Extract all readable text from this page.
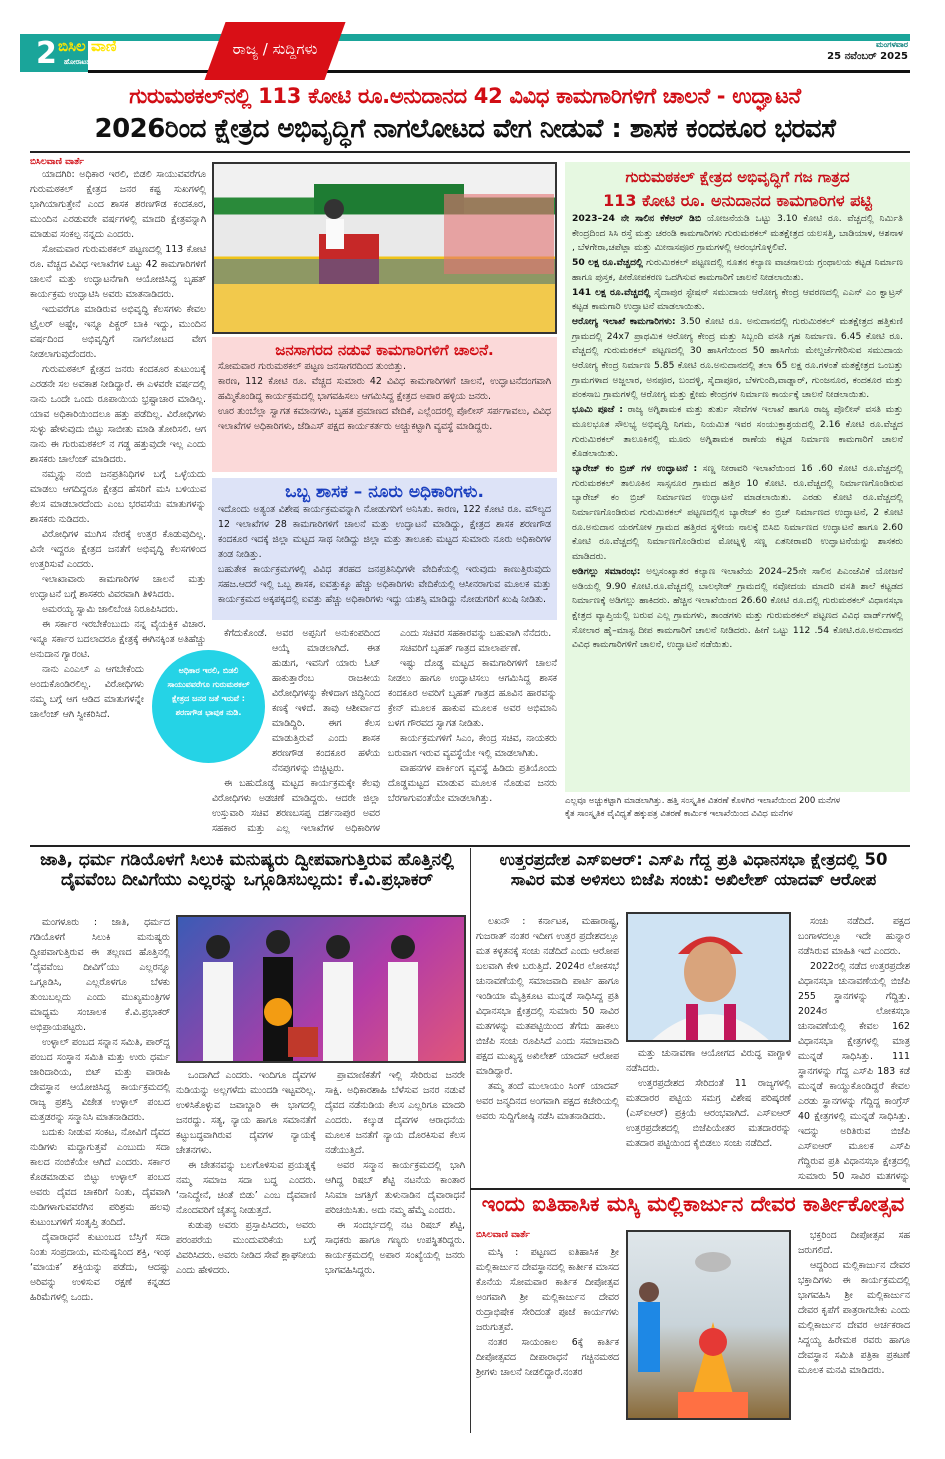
2 ಬಿಸಿಲ ವಾಣಿ
ಹೋರಾಟದ ಧ್ವನಿ
ರಾಜ್ಯ / ಸುದ್ದಿಗಳು	ಮಂಗಳವಾರ
25 ನವೆಂಬರ್ 2025
ಗುರುಮಠಕಲ್‌ನಲ್ಲಿ 113 ಕೋಟಿ ರೂ.ಅನುದಾನದ 42 ವಿವಿಧ ಕಾಮಗಾರಿಗಳಿಗೆ ಚಾಲನೆ - ಉದ್ಘಾಟನೆ
2026ರಿಂದ ಕ್ಷೇತ್ರದ ಅಭಿವೃದ್ಧಿಗೆ ನಾಗಲೋಟದ ವೇಗ ನೀಡುವೆ : ಶಾಸಕ ಕಂದಕೂರ ಭರವಸೆ
ಬಿಸಿಲವಾಣಿ ವಾರ್ತೆ

ಯಾದಗಿರಿ: ಅಧಿಕಾರ ಇರಲಿ, ಬಿಡಲಿ ಸಾಯುವವರೆಗೂ ಗುರುಮಠಕಲ್ ಕ್ಷೇತ್ರದ ಜನರ ಕಷ್ಟ ಸುಖಗಳಲ್ಲಿ ಭಾಗಿಯಾಗುತ್ತೇನೆ ಎಂದ ಶಾಸಕ ಶರಣಗೌಡ ಕಂದಕೂರ, ಮುಂದಿನ ಎರಡುವರೇ ವರ್ಷಗಳಲ್ಲಿ ಮಾದರಿ ಕ್ಷೇತ್ರವನ್ನಾಗಿ ಮಾಡುವ ಸಂಕಲ್ಪ ನನ್ನದು ಎಂದರು.

ಸೋಮವಾರ ಗುರುಮಠಕಲ್ ಪಟ್ಟಣದಲ್ಲಿ 113 ಕೋಟಿ ರೂ. ವೆಚ್ಚದ ವಿವಿಧ ಇಲಾಖೆಗಳ ಒಟ್ಟು 42 ಕಾಮಗಾರಿಗಳಿಗೆ ಚಾಲನೆ ಮತ್ತು ಉದ್ಘಾಟನೆಗಾಗಿ ಆಯೋಜಿಸಿದ್ದ ಬೃಹತ್ ಕಾರ್ಯಕ್ರಮ ಉದ್ಘಾಟಿಸಿ ಅವರು ಮಾತನಾಡಿದರು.

ಇದುವರೆಗೂ ಮಾಡಿರುವ ಅಭಿವೃದ್ಧಿ ಕೆಲಸಗಳು ಕೇವಲ ಟ್ರೈಲರ್ ಅಷ್ಟೇ, ಇನ್ನೂ ಪಿಕ್ಚರ್ ಬಾಕಿ ಇದ್ದು, ಮುಂದಿನ ವರ್ಷದಿಂದ ಅಭಿವೃದ್ಧಿಗೆ ನಾಗಲೋಟದ ವೇಗ ನೀಡಲಾಗುವುದೆಂದರು.

ಗುರುಮಠಕಲ್ ಕ್ಷೇತ್ರದ ಜನರು ಕಂದಕೂರ ಕುಟುಂಬಕ್ಕೆ ಎರಡನೇ ಸಲ ಅವಕಾಶ ನೀಡಿದ್ದಾರೆ. ಈ ಎಳವರೇ ವರ್ಷದಲ್ಲಿ ನಾನು ಒಂದೇ ಒಂದು ರೂಪಾಯಿಯ ಭ್ರಷ್ಟಾಚಾರ ಮಾಡಿಲ್ಲ. ಯಾವ ಅಧಿಕಾರಿಯಿಂದಲೂ ಹತ್ತು ಪಡೆದಿಲ್ಲ. ವಿರೋಧಿಗಳು ಸುಳ್ಳು ಹೇಳುವುದು ಬಿಟ್ಟು ಸಾಬೀತು ಮಾಡಿ ತೋರಿಸಲಿ. ಆಗ ನಾನು ಈ ಗುರುಮಠಕಲ್ ನ ಗಡ್ಡ ಹತ್ತುವುದೇ ಇಲ್ಲ ಎಂದು ಶಾಸಕರು ಚಾಲೆಂಜ್ ಮಾಡಿದರು.

ನಮ್ಮನ್ನು ನಂಬಿ ಜನಪ್ರತಿನಿಧಿಗಳ ಬಗ್ಗೆ ಒಳ್ಳೆಯದು ಮಾಡಲು ಆಗದಿದ್ದರೂ ಕ್ಷೇತ್ರದ ಹೆಸರಿಗೆ ಮಸಿ ಬಳಿಯುವ ಕೆಲಸ ಮಾಡಬಾರದೆಂದು ಎಂಬ ಭರವಸೆಯ ಮಾತುಗಳನ್ನು ಶಾಸಕರು ನುಡಿದರು.

ವಿರೋಧಿಗಳ ಮುಗಿಸ ನೇರಕ್ಕೆ ಉತ್ತರ ಕೊಡುವುದಿಲ್ಲ. ವಿನೇ ಇದ್ದರೂ ಕ್ಷೇತ್ರದ ಜನತೆಗೆ ಅಭಿವೃದ್ಧಿ ಕೆಲಸಗಳಿಂದ ಉತ್ತರಿಸುವೆ ಎಂದರು.

ಇಲಾಖಾವಾರು ಕಾಮಗಾರಿಗಳ ಚಾಲನೆ ಮತ್ತು ಉದ್ಘಾಟನೆ ಬಗ್ಗೆ ಶಾಸಕರು ವಿವರವಾಗಿ ತಿಳಿಸಿದರು.

ಅಮರಯ್ಯ ಸ್ವಾಮಿ ಜಾಲಿಬೆಂಚಿ ನಿರೂಪಿಸಿದರು.

ಈ ಸರ್ಕಾರ ಇರಬೇಕೆಂಬುದು ನನ್ನ ವೈಯಕ್ತಿಕ ವಿಚಾರ. ಇನ್ನೂ ಸರ್ಕಾರ ಬದಲಾದರೂ ಕ್ಷೇತ್ರಕ್ಕೆ ಈಗಿನಕ್ಕಿಂತ ಅತಿಹೆಚ್ಚು ಅನುದಾನ ಗ್ಯಾರಂಟಿ.

ನಾನು ಎಂಎಲ್ ಎ ಆಗಬೇಕೆಂದು ಅಂದುಕೊಂಡಿರಲಿಲ್ಲ. ವಿರೋಧಿಗಳು ನಮ್ಮ ಬಗ್ಗೆ ಆಗ ಆಡಿದ ಮಾತುಗಳನ್ನೇ ಚಾಲೆಂಜ್ ಆಗಿ ಸ್ವೀಕರಿಸಿದೆ.

ಜನಸಾಗರದ ನಡುವೆ ಕಾಮಗಾರಿಗಳಿಗೆ ಚಾಲನೆ.

ಸೋಮವಾರ ಗುರುಮಠಕಲ್ ಪಟ್ಟಣ ಜನಸಾಗರದಿಂದ ತುಂಬಿತ್ತು.

ಕಾರಣ, 112 ಕೋಟಿ ರೂ. ವೆಚ್ಚದ ಸುಮಾರು 42 ವಿವಿಧ ಕಾಮಗಾರಿಗಳಿಗೆ ಚಾಲನೆ, ಉದ್ಘಾಟನೆದಂಗವಾಗಿ ಹಮ್ಮಿಕೊಂಡಿದ್ದ ಕಾರ್ಯಕ್ರಮದಲ್ಲಿ ಭಾಗವಹಿಸಲು ಆಗಮಿಸಿದ್ದ ಕ್ಷೇತ್ರದ ಅಪಾರ ಹಳ್ಳಿಯ ಜನರು.

ಊರ ತುಂಬೆಲ್ಲಾ ಸ್ವಾಗತ ಕಮಾನಗಳು, ಬೃಹತ ಪ್ರಮಾಣದ ವೇದಿಕೆ, ಎಲ್ಲೆಂದರಲ್ಲಿ ಪೊಲೀಸ್ ಸರ್ಪಗಾವಲು, ವಿವಿಧ ಇಲಾಖೆಗಳ ಅಧಿಕಾರಿಗಳು, ಜೆಡಿಎಸ್ ಪಕ್ಷದ ಕಾರ್ಯಕರ್ತರು ಅಚ್ಚುಕಟ್ಟಾಗಿ ವ್ಯವಸ್ಥೆ ಮಾಡಿದ್ದರು.

ಒಬ್ಬ ಶಾಸಕ – ನೂರು ಅಧಿಕಾರಿಗಳು.

ಇದೊಂದು ಅತ್ಯಂತ ವಿಶೇಷ ಕಾರ್ಯಕ್ರಮವನ್ನಾಗಿ ನೋಡುಗರಿಗೆ ಅನಿಸಿತು. ಕಾರಣ, 122 ಕೋಟಿ ರೂ. ಮೌಲ್ಯದ 12 ಇಲಾಖೆಗಳ 28 ಕಾಮಗಾರಿಗಳಿಗೆ ಚಾಲನೆ ಮತ್ತು ಉದ್ಘಾಟನೆ ಮಾಡಿದ್ದು, ಕ್ಷೇತ್ರದ ಶಾಸಕ ಶರಣಗೌಡ ಕಂದಕೂರ ಇದಕ್ಕೆ ಜಿಲ್ಲಾ ಮಟ್ಟದ ಸಾಥ ನೀಡಿದ್ದು ಜಿಲ್ಲಾ ಮತ್ತು ತಾಲೂಕು ಮಟ್ಟದ ಸುಮಾರು ನೂರು ಅಧಿಕಾರಿಗಳ ತಂಡ ನೀಡಿತ್ತು.

ಬಹುತೇಕ ಕಾರ್ಯಕ್ರಮಗಳಲ್ಲಿ ವಿವಿಧ ತರಹದ ಜನಪ್ರತಿನಿಧಿಗಳೇ ವೇದಿಕೆಯಲ್ಲಿ ಇರುವುದು ಕಾಣುತ್ತಿರುವುದು ಸಹಜ.ಆದರೆ ಇಲ್ಲಿ ಒಬ್ಬ ಶಾಸಕ, ಐವತ್ತುಕ್ಕೂ ಹೆಚ್ಚು ಅಧಿಕಾರಿಗಳು ವೇದಿಕೆಯಲ್ಲಿ ಆಸೀನರಾಗುವ ಮೂಲಕ ಮತ್ತು ಕಾರ್ಯಕ್ರಮದ ಅಕ್ಕಪಕ್ಕದಲ್ಲಿ ಐವತ್ತು ಹೆಚ್ಚು ಅಧಿಕಾರಿಗಳು ಇದ್ದು ಯಶಸ್ಸಿ ಮಾಡಿದ್ದು ನೋಡುಗರಿಗೆ ಖುಷಿ ನೀಡಿತು.

ಕೆಗೆದುಕೊಂಡೆ. ಅವರ ಅಪ್ಪನಿಗೆ ಅನುಕಂಪದಿಂದ ಆಯ್ಕೆ ಮಾಡಲಾಗಿದೆ. ಈತ ಹುಡುಗ, ಇವನಿಗೆ ಯಾರು ಓಟ್ ಹಾಕುತ್ತಾರೆಂಬ ರಾಜಕೀಯ ವಿರೋಧಿಗಳನ್ನು ಕೇಳಿದಾಗ ಜಿದ್ದಿನಿಂದ ಕಣಕ್ಕೆ ಇಳಿದೆ. ತಾವು ಆಶೀರ್ವಾದ ಮಾಡಿದ್ದಿರಿ. ಈಗ ಕೆಲಸ ಮಾಡುತ್ತಿರುವೆ ಎಂದು ಶಾಸಕ ಶರಣಗೌಡ ಕಂದಕೂರ ಹಳೆಯ ನೆನಪುಗಳನ್ನು ಬಿಚ್ಚಿಟ್ಟರು.

ಈ ಬಹುದೊಡ್ಡ ಮಟ್ಟದ ಕಾರ್ಯಕ್ರಮಕ್ಕೇ ಕೆಲವು ವಿರೋಧಿಗಳು ಅಡಚಣೆ ಮಾಡಿದ್ದರು. ಆದರೇ ಜಿಲ್ಲಾ ಉಸ್ತುವಾರಿ ಸಚಿವ ಶರಣಬಸಪ್ಪ ದರ್ಶನಾಪುರ ಅವರ ಸಹಕಾರ ಮತ್ತು ಎಲ್ಲ ಇಲಾಖೆಗಳ ಅಧಿಕಾರಿಗಳ

ಎಂದು ಸಚಿವರ ಸಹಕಾರವನ್ನು ಬಹುವಾಗಿ ನೆನೆದರು.

ಸಚಿವರಿಗೆ ಬೃಹತ್ ಗಾತ್ರದ ಮಾಲಾರ್ಪಣೆ.

ಇಷ್ಟು ದೊಡ್ಡ ಮಟ್ಟದ ಕಾಮಗಾರಿಗಳಿಗೆ ಚಾಲನೆ ನೀಡಲು ಹಾಗೂ ಉದ್ಘಾಟಿಸಲು ಆಗಮಿಸಿದ್ದ ಶಾಸಕ ಕಂದಕೂರ ಅವರಿಗೆ ಬೃಹತ್ ಗಾತ್ರದ ಹೂವಿನ ಹಾರವನ್ನು ಕ್ರೇನ್ ಮೂಲಕ ಹಾಕುವ ಮೂಲಕ ಅವರ ಅಭಿಮಾನಿ ಬಳಗ ಗೌರವದ ಸ್ವಾಗತ ನೀಡಿತು.

ಕಾರ್ಯಕ್ರಮಗಳಿಗೆ ಸಿಎಂ, ಕೇಂದ್ರ ಸಚಿವ, ನಾಯಕರು ಬರುವಾಗ ಇರುವ ವ್ಯವಸ್ಥೆಯೇ ಇಲ್ಲಿ ಮಾಡಲಾಗಿತು.

ವಾಹನಗಳ ಪಾರ್ಕಿಂಗ ವ್ಯವಸ್ಥೆ ಹಿಡಿದು ಪ್ರತಿಯೊಂದು ದೊಡ್ಡಮಟ್ಟದ ಮಾಡುವ ಮೂಲಕ ನೊಡುವ ಜನರು ಬೆರಗಾಗುವಂತೆಯೇ ಮಾಡಲಾಗಿತ್ತು.

ಅಧಿಕಾರ ಇರಲಿ, ಬಿಡಲಿ ಸಾಯುವವರೆಗೂ ಗುರುಮಠಕಲ್ ಕ್ಷೇತ್ರದ ಜನರ ಜತೆ ಇರುವೆ : ಶರಣಗೌಡ ಭಾವುಕ ನುಡಿ.
ಗುರುಮಠಕಲ್ ಕ್ಷೇತ್ರದ ಅಭಿವೃದ್ಧಿಗೆ ಗಜ ಗಾತ್ರದ
113 ಕೋಟಿ ರೂ. ಅನುದಾನದ ಕಾಮಗಾರಿಗಳ ಪಟ್ಟಿ

2023–24 ನೇ ಸಾಲಿನ ಕೆಕೆಆರ್ ಡಿಬಿ ಯೋಜನೆಯಡಿ ಒಟ್ಟು 3.10 ಕೋಟಿ ರೂ. ವೆಚ್ಚದಲ್ಲಿ ನಿರ್ಮಿತಿ ಕೇಂದ್ರದಿಂದ ಸಿಸಿ ರಸ್ತೆ ಮತ್ತು ಚರಂಡಿ ಕಾಮಗಾರಿಗಳು ಗುರುಮಠಕಲ್ ಮತಕ್ಷೇತ್ರದ ಯಲಸತ್ತಿ, ಬಾಡಿಯಾಳ, ಆಶನಾಳ , ಬೆಳಗೇರಾ,ಚಪೆಟ್ಲಾ ಮತ್ತು ಮೀನಾಸಪೂರ ಗ್ರಾಮಗಳಲ್ಲಿ ಆರಂಭಗೊಳ್ಳಲಿವೆ.

50 ಲಕ್ಷ ರೂ.ವೆಚ್ಚದಲ್ಲಿ ಗುರುಮಿಠಕಲ್ ಪಟ್ಟಣದಲ್ಲಿ ನೂತನ ಕಲ್ಯಾಣ ವಾಚನಾಲಯ ಗ್ರಂಥಾಲಯ ಕಟ್ಟಡ ನಿರ್ಮಾಣ ಹಾಗೂ ಪುಸ್ತಕ, ಪೀಠೋಪಕರಣ ಒದಗಿಸುವ ಕಾಮಗಾರಿಗೆ ಚಾಲನೆ ನೀಡಲಾಯಿತು.

141 ಲಕ್ಷ ರೂ.ವೆಚ್ಚದಲ್ಲಿ ಸೈದಾಪುರ ಸ್ಟೇಷನ್ ಸಮುದಾಯ ಆರೋಗ್ಯ ಕೇಂದ್ರ ಆವರಣದಲ್ಲಿ ಎಎನ್ ಎಂ ಕ್ವಾಟ್ರಸ್ ಕಟ್ಟಡ ಕಾಮಗಾರಿ ಉದ್ಘಾಟನೆ ಮಾಡಲಾಯಿತು.

ಆರೋಗ್ಯ ಇಲಾಖೆ ಕಾಮಗಾರಿಗಳು: 3.50 ಕೋಟಿ ರೂ. ಅನುದಾನದಲ್ಲಿ ಗುರುಮಿಠಕಲ್ ಮತಕ್ಷೇತ್ರದ ಹತ್ತಿಕುಣಿ ಗ್ರಾಮದಲ್ಲಿ 24x7 ಪ್ರಾಥಮಿಕ ಆರೋಗ್ಯ ಕೇಂದ್ರ ಮತ್ತು ಸಿಬ್ಬಂದಿ ವಸತಿ ಗೃಹ ನಿರ್ಮಾಣ. 6.45 ಕೋಟಿ ರೂ. ವೆಚ್ಚದಲ್ಲಿ ಗುರುಮಠಕಲ್ ಪಟ್ಟಣದಲ್ಲಿ 30 ಹಾಸಿಗೆಯಿಂದ 50 ಹಾಸಿಗೆಯ ಮೇಲ್ದರ್ಜೆಗೇರಿಸುವ ಸಮುದಾಯ ಆರೋಗ್ಯ ಕೇಂದ್ರ ನಿರ್ಮಾಣ 5.85 ಕೋಟಿ ರೂ.ಅನುದಾನದಲ್ಲಿ ತಲಾ 65 ಲಕ್ಷ ರೂ.ಗಳಂತೆ ಮತಕ್ಷೇತ್ರದ ಒಂಬತ್ತು ಗ್ರಾಮಗಳಾದ ಅಜ್ಜಲಾರ, ಅನಪೂರ, ಬಂದಳ್ಳಿ, ಸೈದಾಪೂರ, ಬೆಳಗುಂದಿ,ವಾಡ್ನಾರ್, ಗುಂಜನೂರ, ಕಂದಕೂರ ಮತ್ತು ಪಂಕಸಾಬ ಗ್ರಾಮಗಳಲ್ಲಿ ಆರೋಗ್ಯ ಮತ್ತು ಕ್ಷೇಮ ಕೇಂದ್ರಗಳ ನಿರ್ಮಾಣ ಕಾರ್ಯಕ್ಕೆ ಚಾಲನೆ ನೀಡಲಾಯಿತು.

ಭೂಮಿ ಪೂಜೆ : ರಾಜ್ಯ ಅಗ್ನಿಶಾಮಕ ಮತ್ತು ತುರ್ತು ಸೇವೆಗಳ ಇಲಾಖೆ ಹಾಗೂ ರಾಜ್ಯ ಪೊಲೀಸ್ ವಸತಿ ಮತ್ತು ಮೂಲಭೂತ ಸೌಲಭ್ಯ ಅಭಿವೃದ್ಧಿ ನಿಗಮ, ನಿಯಮಿತ ಇವರ ಸಂಯುಕ್ತಾಶ್ರಯದಲ್ಲಿ 2.16 ಕೋಟಿ ರೂ.ವೆಚ್ಚದ ಗುರುಮಿಠಕಲ್ ತಾಲೂಕಿನಲ್ಲಿ ಮೂರು ಅಗ್ನಿಶಾಮಕ ಠಾಣೆಯ ಕಟ್ಟಡ ನಿರ್ಮಾಣ ಕಾಮಗಾರಿಗೆ ಚಾಲನೆ ಕೊಡಲಾಯಿತು.

ಬ್ಯಾರೇಜ್ ಕಂ ಬ್ರಿಜ್ ಗಳ ಉದ್ಘಾಟನೆ : ಸಣ್ಣ ನೀರಾವರಿ ಇಲಾಖೆಯಿಂದ 16 .60 ಕೋಟಿ ರೂ.ವೆಚ್ಚದಲ್ಲಿ ಗುರುಮಠಕಲ್ ತಾಲೂಕಿನ ಸಾಸ್ಸನೂರ ಗ್ರಾಮದ ಹತ್ತಿರ 10 ಕೋಟಿ. ರೂ.ವೆಚ್ಚದಲ್ಲಿ ನಿರ್ಮಾಣಗೊಂಡಿರುವ ಬ್ಯಾರೇಜ್ ಕಂ ಬ್ರಿಜ್ ನಿರ್ಮಾಣದ ಉದ್ಘಾಟನೆ ಮಾಡಲಾಯಿತು. ಎರಡು ಕೋಟಿ ರೂ.ವೆಚ್ಚದಲ್ಲಿ ನಿರ್ಮಾಣಗೊಂಡಿರುವ ಗುರುಮಿಠಕಲ್ ಪಟ್ಟಣದಲ್ಲಿನ ಬ್ಯಾರೇಜ್ ಕಂ ಬ್ರಿಜ್ ನಿರ್ಮಾಣದ ಉದ್ಘಾಟನೆ, 2 ಕೋಟಿ ರೂ.ಅನುದಾನ ಯರಗೋಳ ಗ್ರಾಮದ ಹತ್ತಿರದ ಸ್ಥಳೀಯ ನಾಲಕ್ಕೆ ಬಿಸಿಬಿ ನಿರ್ಮಾಣದ ಉದ್ಘಾಟನೆ ಹಾಗೂ 2.60 ಕೋಟಿ ರೂ.ವೆಚ್ಚದಲ್ಲಿ ನಿರ್ಮಾಣಗೊಂಡಿರುವ ಮೋಟ್ನಳ್ಳಿ ಸಣ್ಣ ಏತನೀರಾವರಿ ಉದ್ಘಾಟನೆಯನ್ನು ಶಾಸಕರು ಮಾಡಿದರು.

ಅಡಿಗಲ್ಲು ಸಮಾರಂಭ: ಅಲ್ಪಸಂಖ್ಯಾತರ ಕಲ್ಯಾಣ ಇಲಾಖೆಯ 2024–25ನೇ ಸಾಲಿನ ಪಿಎಂಜೆವಿಕೆ ಯೋಜನೆ ಅಡಿಯಲ್ಲಿ 9.90 ಕೋಟಿ.ರೂ.ವೆಚ್ಚದಲ್ಲಿ ಬಾಲಛೇಡ್ ಗ್ರಾಮದಲ್ಲಿ ನವೋದಯ ಮಾದರಿ ವಸತಿ ಶಾಲೆ ಕಟ್ಟಡದ ನಿರ್ಮಾಣಕ್ಕೆ ಅಡಿಗಲ್ಲು ಹಾಕಿದರು. ಹೆಚ್ಚಿನ ಇಲಾಖೆಯಿಂದ 26.60 ಕೋಟಿ ರೂ.ದಲ್ಲಿ ಗುರುಮಠಕಲ್ ವಿಧಾನಸಭಾ ಕ್ಷೇತ್ರದ ವ್ಯಾಪ್ತಿಯಲ್ಲಿ ಬರುವ ಎಲ್ಲ ಗ್ರಾಮಗಳು, ತಾಂಡಗಳು ಮತ್ತು ಗುರುಮಠಕಲ್ ಪಟ್ಟಣದ ವಿವಿಧ ವಾರ್ಡ್‌ಗಳಲ್ಲಿ ಸೋಲಾರ ಹೈ–ಮಾಸ್ಟ ದೀಪ ಕಾಮಗಾರಿಗೆ ಚಾಲನೆ ನೀಡಿದರು. ಹೀಗೆ ಒಟ್ಟು 112 .54 ಕೋಟಿ.ರೂ.ಅನುದಾನದ ವಿವಿಧ ಕಾಮಗಾರಿಗಳಿಗೆ ಚಾಲನೆ, ಉದ್ಘಾಟನೆ ನಡೆಯಿತು.

ಎಲ್ಲವೂ ಅಚ್ಚುಕಟ್ಟಾಗಿ ಮಾಡಲಾಗಿತ್ತು. ಹತ್ತಿ ಸಂಸ್ಕೃತಿಕ ವಿತರಣೆ ಕೊಳಗಿರ ಇಲಾಖೆಯಿಂದ 200 ಮನೆಗಳ

ಕೈತ ಸಾಂಸ್ಕೃತಿಕ ವೈವಿಧ್ಯತೆ ಹಕ್ಕುಪತ್ರ ವಿತರಣೆ ಕಾರ್ಮಿಕ ಇಲಾಖೆಯಿಂದ ವಿವಿಧ ಮನೆಗಳ

ಜಾತಿ, ಧರ್ಮ ಗಡಿಯೊಳಗೆ ಸಿಲುಕಿ ಮನುಷ್ಯರು ದ್ವೀಪವಾಗುತ್ತಿರುವ ಹೊತ್ತಿನಲ್ಲಿ
ದೈವವೆಂಬ ದೀವಿಗೆಯು ಎಲ್ಲರನ್ನು ಒಗ್ಗೂಡಿಸಬಲ್ಲದು: ಕೆ.ವಿ.ಪ್ರಭಾಕರ್

ಮಂಗಳೂರು : ಜಾತಿ, ಧರ್ಮದ ಗಡಿಯೊಳಗೆ ಸಿಲುಕಿ ಮನುಷ್ಯರು ದ್ವೀಪವಾಗುತ್ತಿರುವ ಈ ತಲ್ಲಣದ ಹೊತ್ತಿನಲ್ಲಿ ‘ದೈವವೆಂಬ ದೀವಿಗೆ’ಯು ಎಲ್ಲರನ್ನೂ ಒಗ್ಗೂಡಿಸಿ, ಎಲ್ಲರೊಳಗೂ ಬೆಳಕು ತುಂಬಬಲ್ಲದು ಎಂದು ಮುಖ್ಯಮಂತ್ರಿಗಳ ಮಾಧ್ಯಮ ಸಂಚಾಲಕ ಕೆ.ವಿ.ಪ್ರಭಾಕರ್ ಅಭಿಪ್ರಾಯಪಟ್ಟರು.

ಉಳ್ಳಾಲ್ ಪಂಬದ ಸನ್ನಾನ ಸಮಿತಿ, ಪಾರ್‌ದ್ದ ಪಂಬದ ಸಂಸ್ಥಾನ ಸಮಿತಿ ಮತ್ತು ಉರು ಧರ್ಮ ಜಾರಿದಾರಿಯ, ಬಿಟ್ ಮತ್ತು ವಾರಾಹಿ ದೇವಸ್ಥಾನ ಆಯೋಜಿಸಿದ್ದ ಕಾರ್ಯಕ್ರಮದಲ್ಲಿ ರಾಜ್ಯ ಪ್ರಶಸ್ತಿ ವಿಜೇತ ಉಳ್ಳಾಲ್ ಪಂಬದ ಮತ್ತಡರನ್ನು ಸನ್ಮಾನಿಸಿ ಮಾತನಾಡಿದರು.

ಬದುಕು ನೀಡುವ ಸಂಕಟ, ನೋವಿಗೆ ದೈವದ ನುಡಿಗಳು ಮದ್ದಾಗುತ್ತವೆ ಎಂಬುದು ಸದಾ ಕಾಲದ ನಂಬಿಕೆಯೇ ಆಗಿದೆ ಎಂದರು. ಸರ್ಕಾರ ಕೊಡಮಾಡುವ ಬಿಟ್ಟು ಉಳ್ಳಾಲ್ ಪಂಬದ ಅವರು ದೈವದ ಚಾಕರಿಗೆ ನಿಂತು, ದೈವವಾಗಿ ನುಡಿಗಳಾಗುವವರೆಗಿನ ಪರಿಶ್ರಮ ಹಲವು ಕುಟುಂಬಗಳಿಗೆ ಸಂತೃಪ್ತಿ ತಂದಿದೆ.

ದೈವಾರಾಧನೆ ಕುಟುಂಬದ ಬೆಸ್ತಿಗೆ ಸದಾ ನಿಂತು ಸಂಪ್ರದಾಯ, ಮನುಷ್ಯನಿಂದ ಶಕ್ತಿ, ಇಂಥ ‘ಮಾಯಕ’ ಶಕ್ತಿಯನ್ನು ಪಡೆದು, ಆದಷ್ಟು ಅರಿವನ್ನು ಉಳಿಸುವ ರಕ್ಷಣೆ ಕನ್ನಡದ ಹಿರಿಮೆಗಳಲ್ಲಿ ಒಂದು.

ಒಂದಾಗಿದೆ ಎಂದರು. ಇಂದಿಗೂ ದೈವಗಳ ನುಡಿಯನ್ನು ಅಲ್ಲಗಳೆದು ಮುಂದಡಿ ಇಟ್ಟವರಿಲ್ಲ. ಉಳಿಸಿಕೊಳ್ಳುವ ಜವಾಬ್ದಾರಿ ಈ ಭಾಗದಲ್ಲಿ ಜನರದ್ದು. ಸತ್ಯ, ನ್ಯಾಯ ಹಾಗೂ ಸಮಾನತೆಗೆ ಕಟ್ಟುಬದ್ಧವಾಗಿರುವ ದೈವಗಳ ನ್ಯಾಯಕ್ಕೆ ಚೇತನಗಳು.

ಈ ಚೇತನವನ್ನು ಬಲಗೊಳಿಸುವ ಪ್ರಯತ್ನಕ್ಕೆ ನಮ್ಮ ಸಮಾಜ ಸದಾ ಬದ್ಧ ಎಂದರು. ‘ನಾನಿದ್ದೇನೆ, ಚಿಂತೆ ಬಿಡು’ ಎಂಬ ದೈವವಾಣಿ ನೊಂದವರಿಗೆ ಚೈತನ್ಯ ನೀಡುತ್ತದೆ.

ಕುಡುಪು ಅವರು ಪ್ರಸ್ತಾಪಿಸಿದರು, ಅವರು ಪರಂಪರೆಯ ಮುಂದುವರಿಕೆಯ ಬಗ್ಗೆ ವಿವರಿಸಿದರು. ಅವರು ನೀಡಿದ ಸೇವೆ ಶ್ಲಾಘನೀಯ ಎಂದು ಹೇಳಿದರು.

ಪ್ರಾಮಾಣಿಕತೆಗೆ ಇಲ್ಲಿ ಸೇರಿರುವ ಜನರೇ ಸಾಕ್ಷಿ. ಅಧಿಕಾರಶಾಹಿ ಬೆಳೆಸುವ ಜನರ ನಡುವೆ ದೈವದ ನಡೆನುಡಿಯ ಕೆಲಸ ಎಲ್ಲರಿಗೂ ಮಾದರಿ ಎಂದರು. ಕಲ್ಕುಡ ದೈವಗಳ ಆರಾಧನೆಯ ಮೂಲಕ ಜನತೆಗೆ ನ್ಯಾಯ ದೊರಕಿಸುವ ಕೆಲಸ ನಡೆಯುತ್ತಿದೆ.

ಅವರ ಸನ್ಮಾನ ಕಾರ್ಯಕ್ರಮದಲ್ಲಿ ಭಾಗಿ ಆಗಿದ್ದ ರಿಷಬ್ ಶೆಟ್ಟಿ ನಟನೆಯ ಕಾಂತಾರ ಸಿನಿಮಾ ಜಗತ್ತಿಗೆ ತುಳುನಾಡಿನ ದೈವಾರಾಧನೆ ಪರಿಚಯಿಸಿತು. ಅದು ನಮ್ಮ ಹೆಮ್ಮೆ ಎಂದರು.

ಈ ಸಂದರ್ಭದಲ್ಲಿ ನಟ ರಿಷಬ್ ಶೆಟ್ಟಿ, ಸಾಧಕರು ಹಾಗೂ ಗಣ್ಯರು ಉಪಸ್ಥಿತರಿದ್ದರು. ಕಾರ್ಯಕ್ರಮದಲ್ಲಿ ಅಪಾರ ಸಂಖ್ಯೆಯಲ್ಲಿ ಜನರು ಭಾಗವಹಿಸಿದ್ದರು.

ಉತ್ತರಪ್ರದೇಶ ಎಸ್‌ಐಆರ್: ಎಸ್‌ಪಿ ಗೆದ್ದ ಪ್ರತಿ ವಿಧಾನಸಭಾ ಕ್ಷೇತ್ರದಲ್ಲಿ 50
ಸಾವಿರ ಮತ ಅಳಿಸಲು ಬಿಜೆಪಿ ಸಂಚು: ಅಖಿಲೇಶ್ ಯಾದವ್ ಆರೋಪ

ಲಖನೌ : ಕರ್ನಾಟಕ, ಮಹಾರಾಷ್ಟ್ರ, ಗುಜರಾತ್ ನಂತರ ಇದೀಗ ಉತ್ತರ ಪ್ರದೇಶದಲ್ಲೂ ಮತ ಕಳ್ಳತನಕ್ಕೆ ಸಂಚು ನಡೆದಿದೆ ಎಂದು ಆರೋಪ ಬಲವಾಗಿ ಕೇಳಿ ಬರುತ್ತಿದೆ. 2024ರ ಲೋಕಸಭೆ ಚುನಾವಣೆಯಲ್ಲಿ ಸಮಾಜವಾದಿ ಪಾರ್ಟಿ ಹಾಗೂ ಇಂಡಿಯಾ ಮೈತ್ರಿಕೂಟ ಮುನ್ನಡೆ ಸಾಧಿಸಿದ್ದ ಪ್ರತಿ ವಿಧಾನಸಭಾ ಕ್ಷೇತ್ರದಲ್ಲಿ ಸುಮಾರು 50 ಸಾವಿರ ಮತಗಳನ್ನು ಮತಪಟ್ಟಿಯಿಂದ ತೆಗೆದು ಹಾಕಲು ಬಿಜೆಪಿ ಸಂಚು ರೂಪಿಸಿದೆ ಎಂದು ಸಮಾಜವಾದಿ ಪಕ್ಷದ ಮುಖ್ಯಸ್ಥ ಅಖಿಲೇಶ್ ಯಾದವ್ ಆರೋಪ ಮಾಡಿದ್ದಾರೆ.

ತಮ್ಮ ತಂದೆ ಮುಲಾಯಂ ಸಿಂಗ್ ಯಾದವ್ ಅವರ ಜನ್ಮದಿನದ ಅಂಗವಾಗಿ ಪಕ್ಷದ ಕಚೇರಿಯಲ್ಲಿ ಅವರು ಸುದ್ದಿಗೋಷ್ಠಿ ನಡೆಸಿ ಮಾತನಾಡಿದರು.

ಮತ್ತು ಚುನಾವಣಾ ಆಯೋಗದ ವಿರುದ್ಧ ವಾಗ್ದಾಳಿ ನಡೆಸಿದರು.

ಉತ್ತರಪ್ರದೇಶದ ಸೇರಿದಂತೆ 11 ರಾಜ್ಯಗಳಲ್ಲಿ ಮತದಾರರ ಪಟ್ಟಿಯ ಸಮಗ್ರ ವಿಶೇಷ ಪರಿಷ್ಕರಣೆ (ಎಸ್‌ಐಆರ್) ಪ್ರಕ್ರಿಯೆ ಆರಂಭವಾಗಿದೆ. ಎಸ್‌ಐಆರ್ ಉತ್ತರಪ್ರದೇಶದಲ್ಲಿ ಬಿಜೆಪಿಯೇತರ ಮತದಾರರನ್ನು ಮತದಾರ ಪಟ್ಟಿಯಿಂದ ಕೈಬಿಡಲು ಸಂಚು ನಡೆದಿದೆ.

ಸಂಚು ನಡೆದಿದೆ. ಪಕ್ಷದ ಬಂಗಾಳದಲ್ಲೂ ಇದೇ ಹುನ್ನಾರ ನಡೆಸಿರುವ ಮಾಹಿತಿ ಇದೆ ಎಂದರು.

2022ರಲ್ಲಿ ನಡೆದ ಉತ್ತರಪ್ರದೇಶ ವಿಧಾನಸಭಾ ಚುನಾವಣೆಯಲ್ಲಿ ಬಿಜೆಪಿ 255 ಸ್ಥಾನಗಳನ್ನು ಗೆದ್ದಿತ್ತು. 2024ರ ಲೋಕಸಭಾ ಚುನಾವಣೆಯಲ್ಲಿ ಕೇವಲ 162 ವಿಧಾನಸಭಾ ಕ್ಷೇತ್ರಗಳಲ್ಲಿ ಮಾತ್ರ ಮುನ್ನಡೆ ಸಾಧಿಸಿತ್ತು. 111 ಸ್ಥಾನಗಳನ್ನು ಗೆದ್ದ ಎಸ್‌ಪಿ 183 ಕಡೆ ಮುನ್ನಡೆ ಕಾಯ್ದುಕೊಂಡಿದ್ದರೆ ಕೇವಲ ಎರಡು ಸ್ಥಾನಗಳನ್ನು ಗೆದ್ದಿದ್ದ ಕಾಂಗ್ರೆಸ್ 40 ಕ್ಷೇತ್ರಗಳಲ್ಲಿ ಮುನ್ನಡೆ ಸಾಧಿಸಿತ್ತು. ಇದನ್ನು ಅರಿತಿರುವ ಬಿಜೆಪಿ ಎಸ್‌ಐಆರ್ ಮೂಲಕ ಎಸ್‌ಪಿ ಗೆದ್ದಿರುವ ಪ್ರತಿ ವಿಧಾನಸಭಾ ಕ್ಷೇತ್ರದಲ್ಲಿ ಸುಮಾರು 50 ಸಾವಿರ ಮತಗಳನ್ನು

ಇಂದು ಐತಿಹಾಸಿಕ ಮಸ್ಕಿ ಮಲ್ಲಿಕಾರ್ಜುನ ದೇವರ ಕಾರ್ತೀಕೋತ್ಸವ
ಬಿಸಿಲವಾಣಿ ವಾರ್ತೆ

ಮಸ್ಕಿ : ಪಟ್ಟಣದ ಐತಿಹಾಸಿಕ ಶ್ರೀ ಮಲ್ಲಿಕಾರ್ಜುನ ದೇವಸ್ಥಾನದಲ್ಲಿ ಕಾರ್ತೀಕ ಮಾಸದ ಕೊನೆಯ ಸೋಮವಾರ ಕಾರ್ತಿಕ ದೀಪೋತ್ಸವ ಅಂಗವಾಗಿ ಶ್ರೀ ಮಲ್ಲಿಕಾರ್ಜುನ ದೇವರ ರುದ್ರಾಭಿಷೇಕ ಸೇರಿದಂತೆ ಪೂಜೆ ಕಾರ್ಯಗಳು ಜರುಗುತ್ತವೆ.

ನಂತರ ಸಾಯಂಕಾಲ 6ಕ್ಕೆ ಕಾರ್ತಿಕ ದೀಪೋತ್ಸವದ ದೀಪಾರಾಧನೆ ಗಚ್ಚಿನಮಠದ ಶ್ರೀಗಳು ಚಾಲನೆ ನೀಡಲಿದ್ದಾರೆ.ನಂತರ

ಭಕ್ತರಿಂದ ದೀಪೋತ್ಸವ ಸಹ ಜರುಗಲಿದೆ.

ಆದ್ದರಿಂದ ಮಲ್ಲಿಕಾರ್ಜುನ ದೇವರ ಭಕ್ತಾದಿಗಳು ಈ ಕಾರ್ಯಕ್ರಮದಲ್ಲಿ ಭಾಗವಹಿಸಿ ಶ್ರೀ ಮಲ್ಲಿಕಾರ್ಜುನ ದೇವರ ಕೃಪೆಗೆ ಪಾತ್ರರಾಗಬೇಕು ಎಂದು ಮಲ್ಲಿಕಾರ್ಜುನ ದೇವರ ಅರ್ಚಕರಾದ ಸಿದ್ದಯ್ಯ ಹಿರೇಮಠ ರವರು ಹಾಗೂ ದೇವಸ್ಥಾನ ಸಮಿತಿ ಪತ್ರಿಕಾ ಪ್ರಕಟಣೆ ಮೂಲಕ ಮನವಿ ಮಾಡಿದರು.
